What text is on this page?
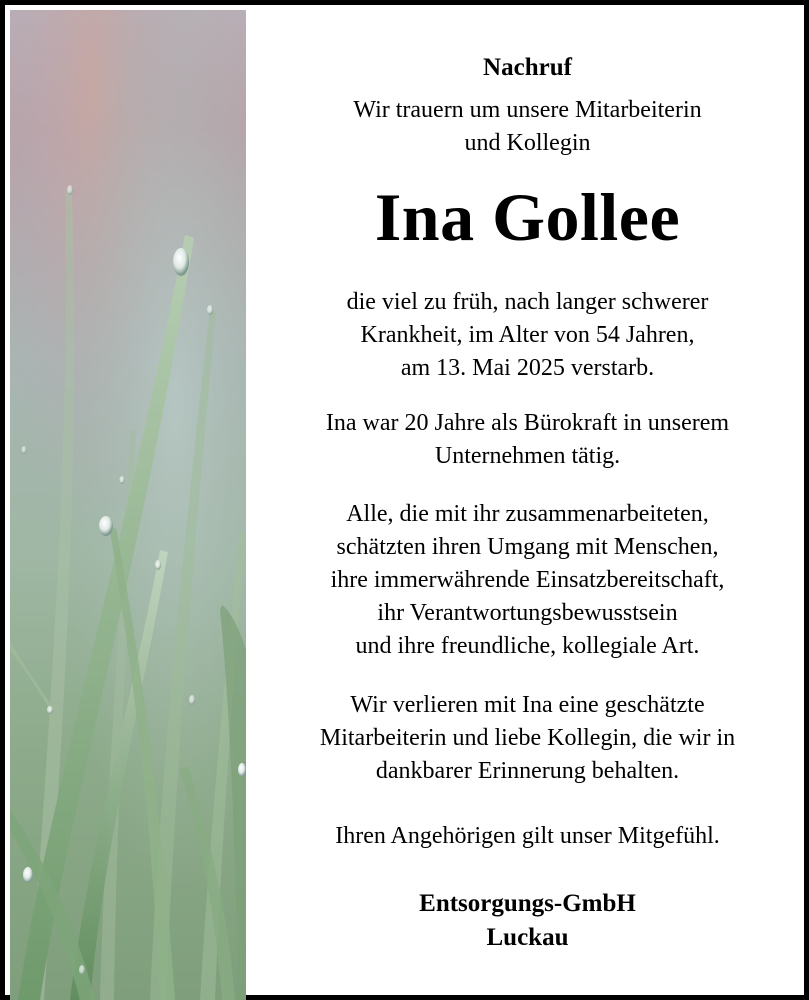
Nachruf
Wir trauern um unsere Mitarbeiterin
und Kollegin
Ina Gollee
die viel zu früh, nach langer schwerer
Krankheit, im Alter von 54 Jahren,
am 13. Mai 2025 verstarb.
Ina war 20 Jahre als Bürokraft in unserem
Unternehmen tätig.
Alle, die mit ihr zusammenarbeiteten,
schätzten ihren Umgang mit Menschen,
ihre immerwährende Einsatzbereitschaft,
ihr Verantwortungsbewusstsein
und ihre freundliche, kollegiale Art.
Wir verlieren mit Ina eine geschätzte
Mitarbeiterin und liebe Kollegin, die wir in
dankbarer Erinnerung behalten.
Ihren Angehörigen gilt unser Mitgefühl.
Entsorgungs-GmbH
Luckau
